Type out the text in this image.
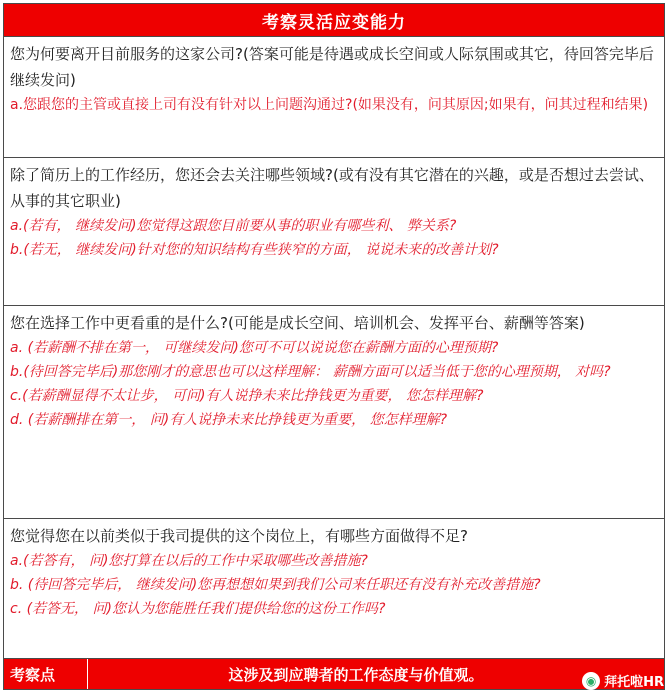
考察灵活应变能力

您为何要离开目前服务的这家公司?(答案可能是待遇或成长空间或人际氛围或其它，待回答完毕后继续发问)

a.您跟您的主管或直接上司有没有针对以上问题沟通过?(如果没有，问其原因;如果有，问其过程和结果)

除了简历上的工作经历，您还会去关注哪些领域?(或有没有其它潜在的兴趣，或是否想过去尝试、从事的其它职业)

a.(若有， 继续发问)您觉得这跟您目前要从事的职业有哪些利、 弊关系?

b.(若无， 继续发问)针对您的知识结构有些狭窄的方面， 说说未来的改善计划?

您在选择工作中更看重的是什么?(可能是成长空间、培训机会、发挥平台、薪酬等答案)

a. (若薪酬不排在第一， 可继续发问)您可不可以说说您在薪酬方面的心理预期?

b.(待回答完毕后)那您刚才的意思也可以这样理解： 薪酬方面可以适当低于您的心理预期， 对吗?

c.(若薪酬显得不太让步， 可问)有人说挣未来比挣钱更为重要， 您怎样理解?

d. (若薪酬排在第一， 问)有人说挣未来比挣钱更为重要， 您怎样理解?

您觉得您在以前类似于我司提供的这个岗位上，有哪些方面做得不足?

a.(若答有， 问)您打算在以后的工作中采取哪些改善措施?

b. (待回答完毕后， 继续发问)您再想想如果到我们公司来任职还有没有补充改善措施?

c. (若答无， 问)您认为您能胜任我们提供给您的这份工作吗?

考察点	这涉及到应聘者的工作态度与价值观。	◉ 拜托啦HR
